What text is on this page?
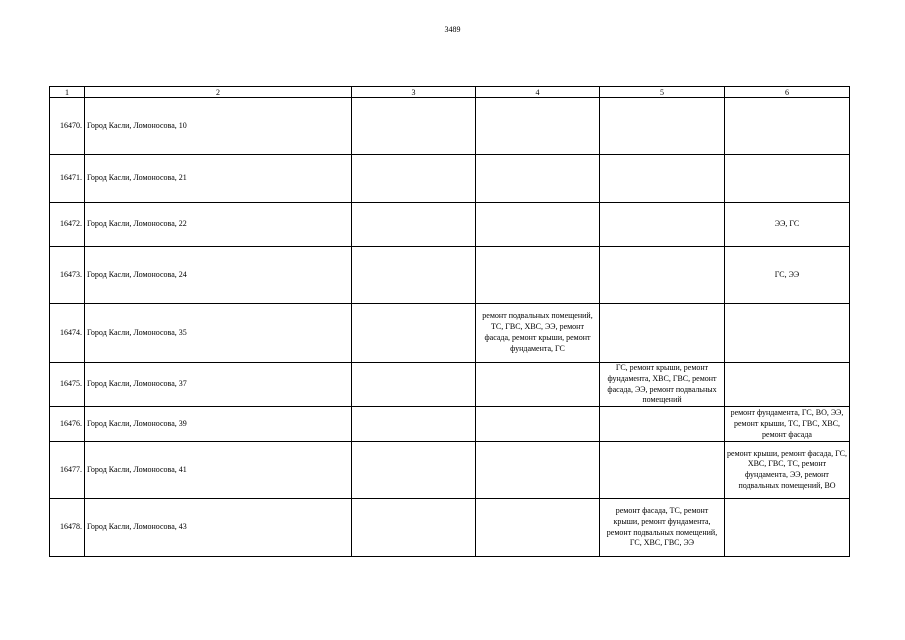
3489
1	2	3	4	5	6
16470.	Город Касли, Ломоносова, 10				
16471.	Город Касли, Ломоносова, 21				
16472.	Город Касли, Ломоносова, 22				ЭЭ, ГС
16473.	Город Касли, Ломоносова, 24				ГС, ЭЭ
16474.	Город Касли, Ломоносова, 35		ремонт подвальных помещений, ТС, ГВС, ХВС, ЭЭ, ремонт фасада, ремонт крыши, ремонт фундамента, ГС		
16475.	Город Касли, Ломоносова, 37			ГС, ремонт крыши, ремонт фундамента, ХВС, ГВС, ремонт фасада, ЭЭ, ремонт подвальных помещений	
16476.	Город Касли, Ломоносова, 39				ремонт фундамента, ГС, ВО, ЭЭ, ремонт крыши, ТС, ГВС, ХВС, ремонт фасада
16477.	Город Касли, Ломоносова, 41				ремонт крыши, ремонт фасада, ГС, ХВС, ГВС, ТС, ремонт фундамента, ЭЭ, ремонт подвальных помещений, ВО
16478.	Город Касли, Ломоносова, 43			ремонт фасада, ТС, ремонт крыши, ремонт фундамента, ремонт подвальных помещений, ГС, ХВС, ГВС, ЭЭ	
